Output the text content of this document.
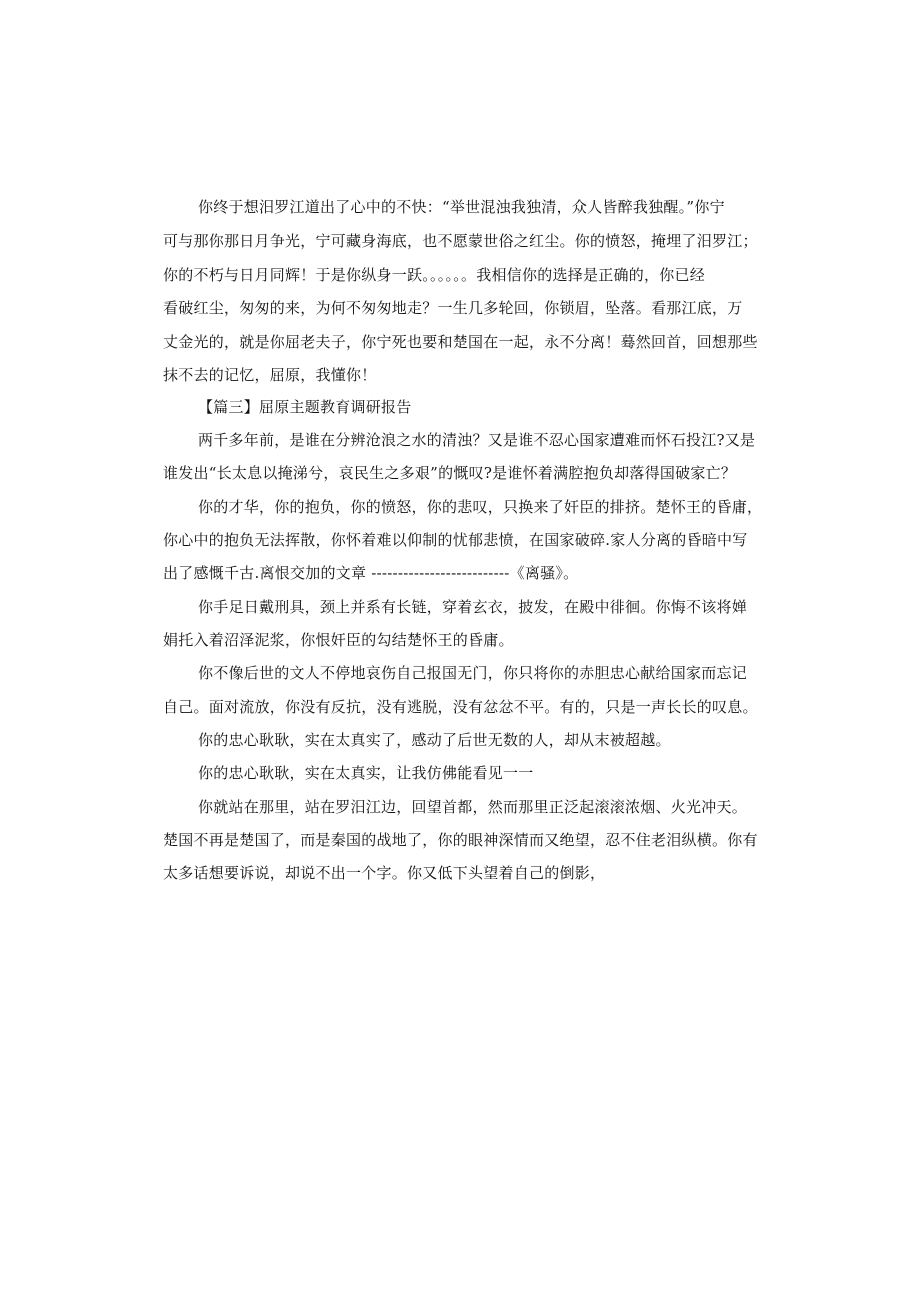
你终于想汨罗江道出了心中的不快：“举世混浊我独清，众人皆醉我独醒。”你宁
可与那你那日月争光，宁可藏身海底，也不愿蒙世俗之红尘。你的愤怒，掩埋了汨罗江；
你的不朽与日月同辉！于是你纵身一跃。。。。。。我相信你的选择是正确的，你已经
看破红尘，匆匆的来，为何不匆匆地走？一生几多轮回，你锁眉，坠落。看那江底，万
丈金光的，就是你屈老夫子，你宁死也要和楚国在一起，永不分离！蓦然回首，回想那些
抹不去的记忆，屈原，我懂你！
【篇三】屈原主题教育调研报告
两千多年前，是谁在分辨沧浪之水的清浊？又是谁不忍心国家遭难而怀石投江?又是
谁发出“长太息以掩涕兮，哀民生之多艰”的慨叹?是谁怀着满腔抱负却落得国破家亡？
你的才华，你的抱负，你的愤怒，你的悲叹，只换来了奸臣的排挤。楚怀王的昏庸，
你心中的抱负无法挥散，你怀着难以仰制的忧郁悲愤，在国家破碎.家人分离的昏暗中写
出了感慨千古.离恨交加的文章 --------------------------《离骚》。
你手足日戴刑具，颈上并系有长链，穿着玄衣，披发，在殿中徘徊。你悔不该将婵
娟托入着沼泽泥浆，你恨奸臣的勾结楚怀王的昏庸。
你不像后世的文人不停地哀伤自己报国无门，你只将你的赤胆忠心献给国家而忘记
自己。面对流放，你没有反抗，没有逃脱，没有忿忿不平。有的，只是一声长长的叹息。
你的忠心耿耿，实在太真实了，感动了后世无数的人，却从末被超越。
你的忠心耿耿，实在太真实，让我仿佛能看见一一
你就站在那里，站在罗汨江边，回望首都，然而那里正泛起滚滚浓烟、火光冲天。
楚国不再是楚国了，而是秦国的战地了，你的眼神深情而又绝望，忍不住老泪纵横。你有
太多话想要诉说，却说不出一个字。你又低下头望着自己的倒影，
